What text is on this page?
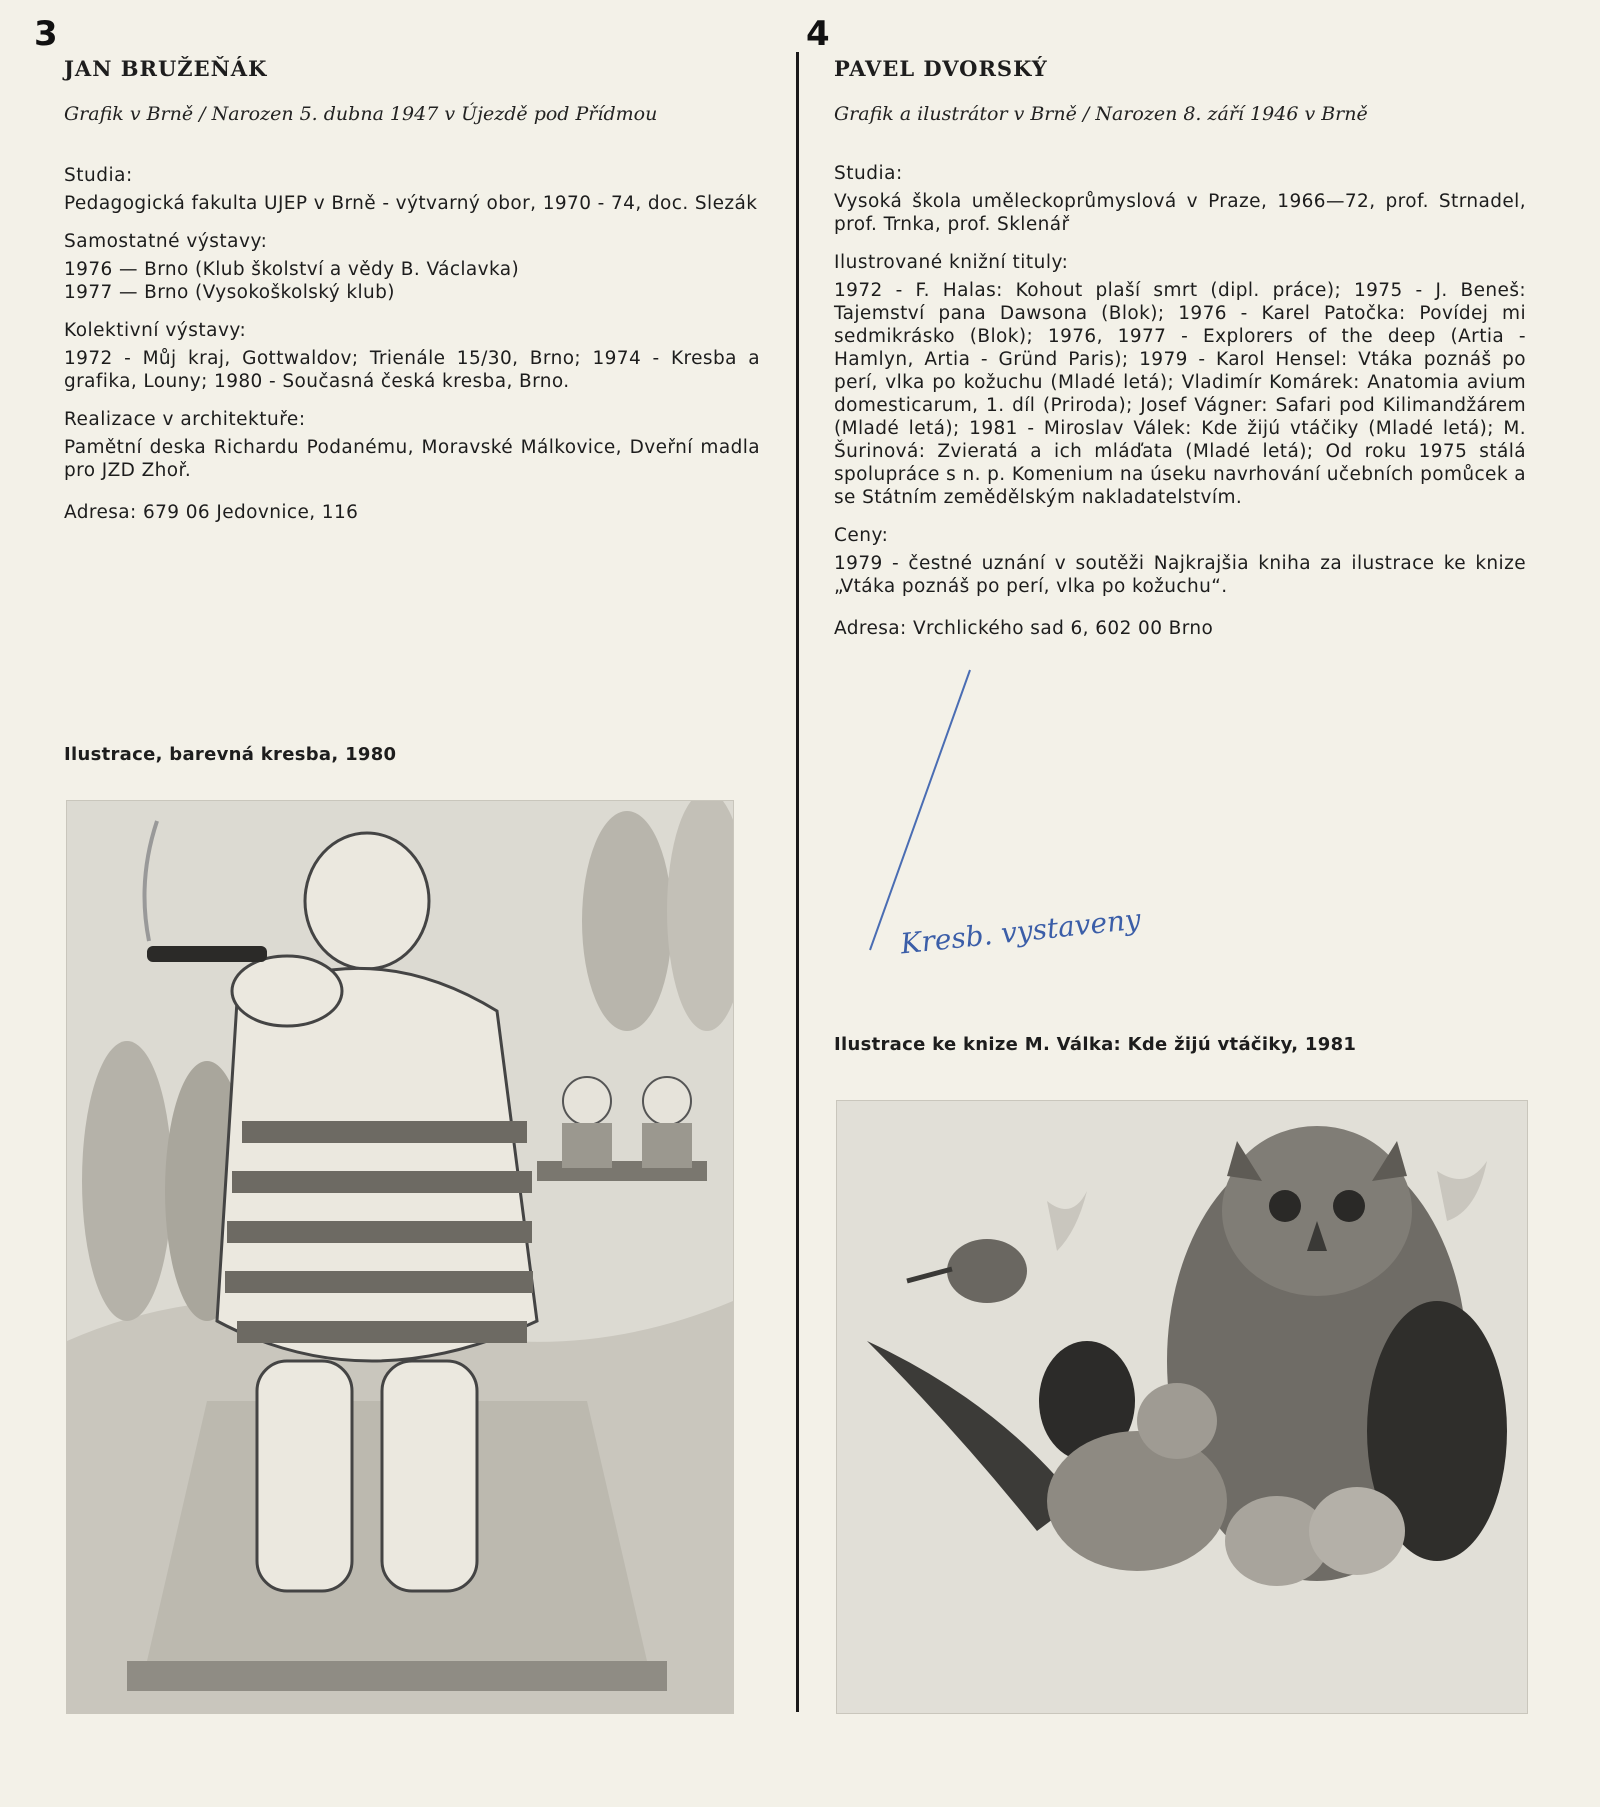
3	4
JAN BRUŽEŇÁK
Grafik v Brně / Narozen 5. dubna 1947 v Újezdě pod Přídmou
Studia:
Pedagogická fakulta UJEP v Brně - výtvarný obor, 1970 - 74, doc. Slezák
Samostatné výstavy:
1976 — Brno (Klub školství a vědy B. Václavka)
1977 — Brno (Vysokoškolský klub)
Kolektivní výstavy:
1972 - Můj kraj, Gottwaldov; Trienále 15/30, Brno; 1974 - Kresba a grafika, Louny; 1980 - Současná česká kresba, Brno.
Realizace v architektuře:
Pamětní deska Richardu Podanému, Moravské Málkovice, Dveřní madla pro JZD Zhoř.
Adresa: 679 06 Jedovnice, 116
Ilustrace, barevná kresba, 1980
PAVEL DVORSKÝ
Grafik a ilustrátor v Brně / Narozen 8. září 1946 v Brně
Studia:
Vysoká škola uměleckoprůmyslová v Praze, 1966—72, prof. Strnadel, prof. Trnka, prof. Sklenář
Ilustrované knižní tituly:
1972 - F. Halas: Kohout plaší smrt (dipl. práce); 1975 - J. Beneš: Tajemství pana Dawsona (Blok); 1976 - Karel Patočka: Povídej mi sedmikrásko (Blok); 1976, 1977 - Explorers of the deep (Artia - Hamlyn, Artia - Gründ Paris); 1979 - Karol Hensel: Vtáka poznáš po perí, vlka po kožuchu (Mladé letá); Vladimír Komárek: Anatomia avium domesticarum, 1. díl (Priroda); Josef Vágner: Safari pod Kilimandžárem (Mladé letá); 1981 - Miroslav Válek: Kde žijú vtáčiky (Mladé letá); M. Šurinová: Zvieratá a ich mláďata (Mladé letá); Od roku 1975 stálá spolupráce s n. p. Komenium na úseku navrhování učebních pomůcek a se Státním zemědělským nakladatelstvím.
Ceny:
1979 - čestné uznání v soutěži Najkrajšia kniha za ilustrace ke knize „Vtáka poznáš po perí, vlka po kožuchu“.
Adresa: Vrchlického sad 6, 602 00 Brno
Kresb. vystaveny
Ilustrace ke knize M. Válka: Kde žijú vtáčiky, 1981
